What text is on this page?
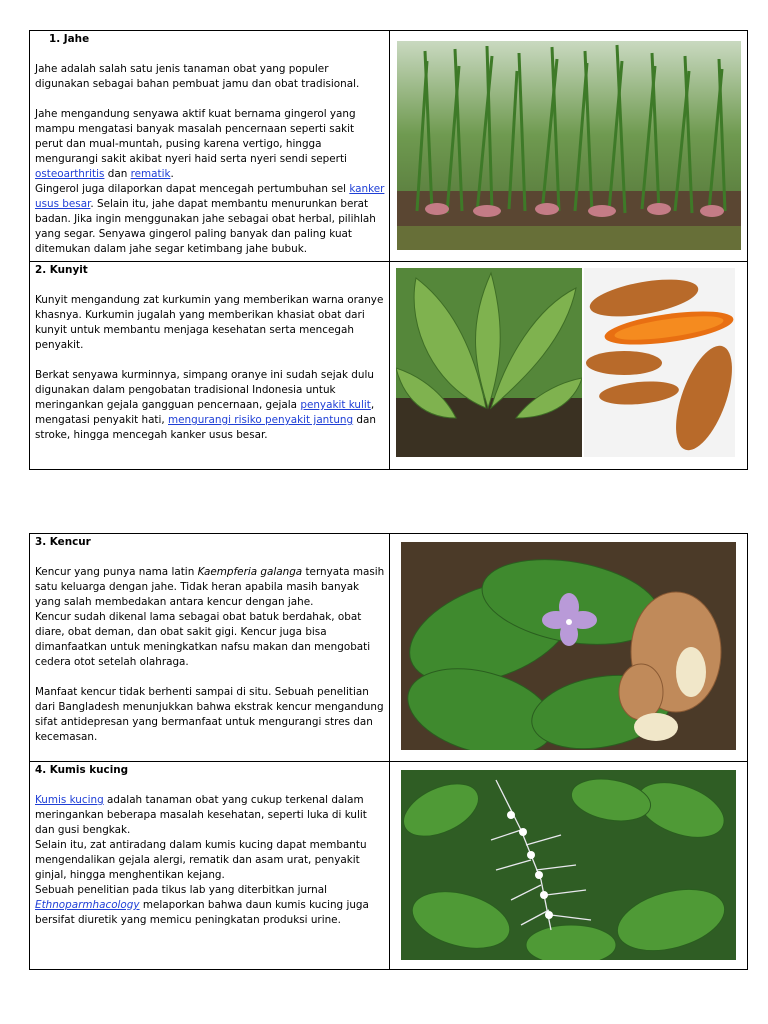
1. Jahe

Jahe adalah salah satu jenis tanaman obat yang populer digunakan sebagai bahan pembuat jamu dan obat tradisional.

Jahe mengandung senyawa aktif kuat bernama gingerol yang mampu mengatasi banyak masalah pencernaan seperti sakit perut dan mual-muntah, pusing karena vertigo, hingga mengurangi sakit akibat nyeri haid serta nyeri sendi seperti osteoarthritis dan rematik.

Gingerol juga dilaporkan dapat mencegah pertumbuhan sel kanker usus besar. Selain itu, jahe dapat membantu menurunkan berat badan. Jika ingin menggunakan jahe sebagai obat herbal, pilihlah yang segar. Senyawa gingerol paling banyak dan paling kuat ditemukan dalam jahe segar ketimbang jahe bubuk.

2. Kunyit

Kunyit mengandung zat kurkumin yang memberikan warna oranye khasnya. Kurkumin jugalah yang memberikan khasiat obat dari kunyit untuk membantu menjaga kesehatan serta mencegah penyakit.

Berkat senyawa kurminnya, simpang oranye ini sudah sejak dulu digunakan dalam pengobatan tradisional Indonesia untuk meringankan gejala gangguan pencernaan, gejala penyakit kulit, mengatasi penyakit hati, mengurangi risiko penyakit jantung dan stroke, hingga mencegah kanker usus besar.

3. Kencur

Kencur yang punya nama latin Kaempferia galanga ternyata masih satu keluarga dengan jahe. Tidak heran apabila masih banyak yang salah membedakan antara kencur dengan jahe.

Kencur sudah dikenal lama sebagai obat batuk berdahak, obat diare, obat deman, dan obat sakit gigi. Kencur juga bisa dimanfaatkan untuk meningkatkan nafsu makan dan mengobati cedera otot setelah olahraga.

Manfaat kencur tidak berhenti sampai di situ. Sebuah penelitian dari Bangladesh menunjukkan bahwa ekstrak kencur mengandung sifat antidepresan yang bermanfaat untuk mengurangi stres dan kecemasan.

4. Kumis kucing

Kumis kucing adalah tanaman obat yang cukup terkenal dalam meringankan beberapa masalah kesehatan, seperti luka di kulit dan gusi bengkak.

Selain itu, zat antiradang dalam kumis kucing dapat membantu mengendalikan gejala alergi, rematik dan asam urat, penyakit ginjal, hingga menghentikan kejang.

Sebuah penelitian pada tikus lab yang diterbitkan jurnal

Ethnoparmhacology melaporkan bahwa daun kumis kucing juga bersifat diuretik yang memicu peningkatan produksi urine.
